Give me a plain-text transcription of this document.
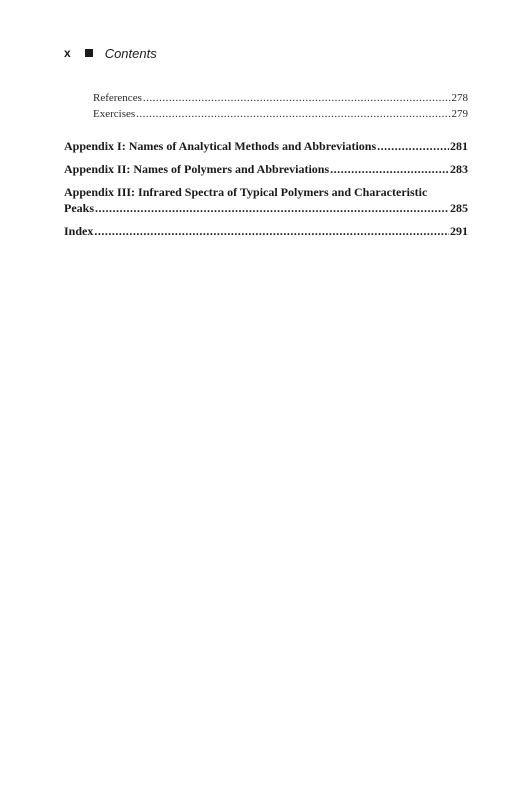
x	Contents
References .....	278
Exercises .....	279
Appendix I: Names of Analytical Methods and Abbreviations .....	281
Appendix II: Names of Polymers and Abbreviations .....	283
Appendix III: Infrared Spectra of Typical Polymers and Characteristic
Peaks .....	285
Index .....	291
